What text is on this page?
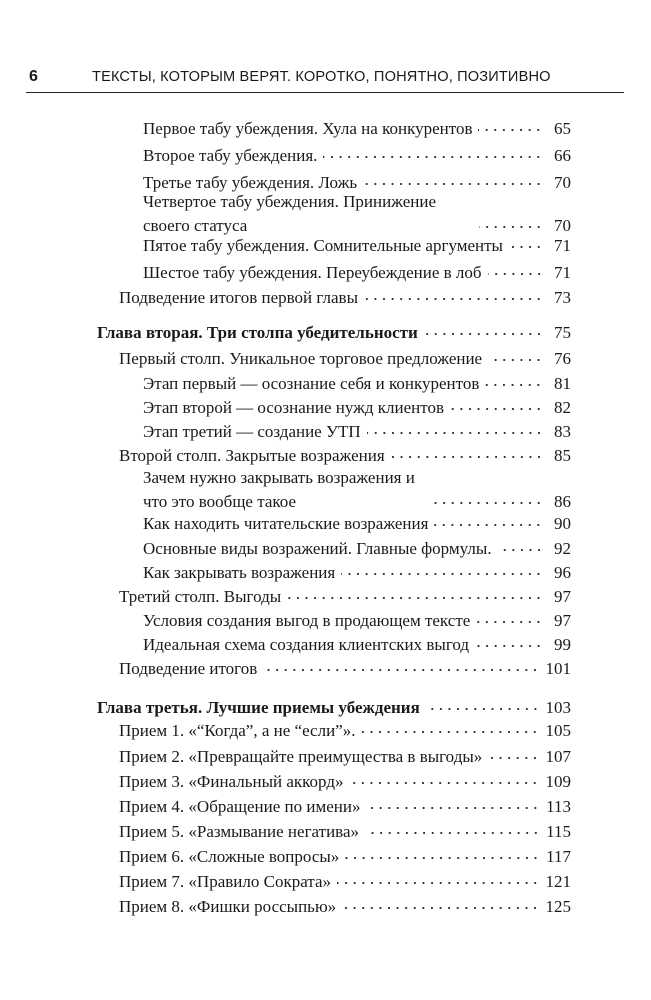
6	ТЕКСТЫ, КОТОРЫМ ВЕРЯТ. КОРОТКО, ПОНЯТНО, ПОЗИТИВНО
Первое табу убеждения. Хула на конкурентов	65
Второе табу убеждения.	66
Третье табу убеждения. Ложь	70
Четвертое табу убеждения. Принижение своего статуса	70
Пятое табу убеждения. Сомнительные аргументы	71
Шестое табу убеждения. Переубеждение в лоб	71
Подведение итогов первой главы	73
Глава вторая. Три столпа убедительности	75
Первый столп. Уникальное торговое предложение	76
Этап первый — осознание себя и конкурентов	81
Этап второй — осознание нужд клиентов	82
Этап третий — создание УТП	83
Второй столп. Закрытые возражения	85
Зачем нужно закрывать возражения и что это вообще такое	86
Как находить читательские возражения	90
Основные виды возражений. Главные формулы.	92
Как закрывать возражения	96
Третий столп. Выгоды	97
Условия создания выгод в продающем тексте	97
Идеальная схема создания клиентских выгод	99
Подведение итогов	101
Глава третья. Лучшие приемы убеждения	103
Прием 1. «“Когда”, а не “если”».	105
Прием 2. «Превращайте преимущества в выгоды»	107
Прием 3. «Финальный аккорд»	109
Прием 4. «Обращение по имени»	113
Прием 5. «Размывание негатива»	115
Прием 6. «Сложные вопросы»	117
Прием 7. «Правило Сократа»	121
Прием 8. «Фишки россыпью»	125
